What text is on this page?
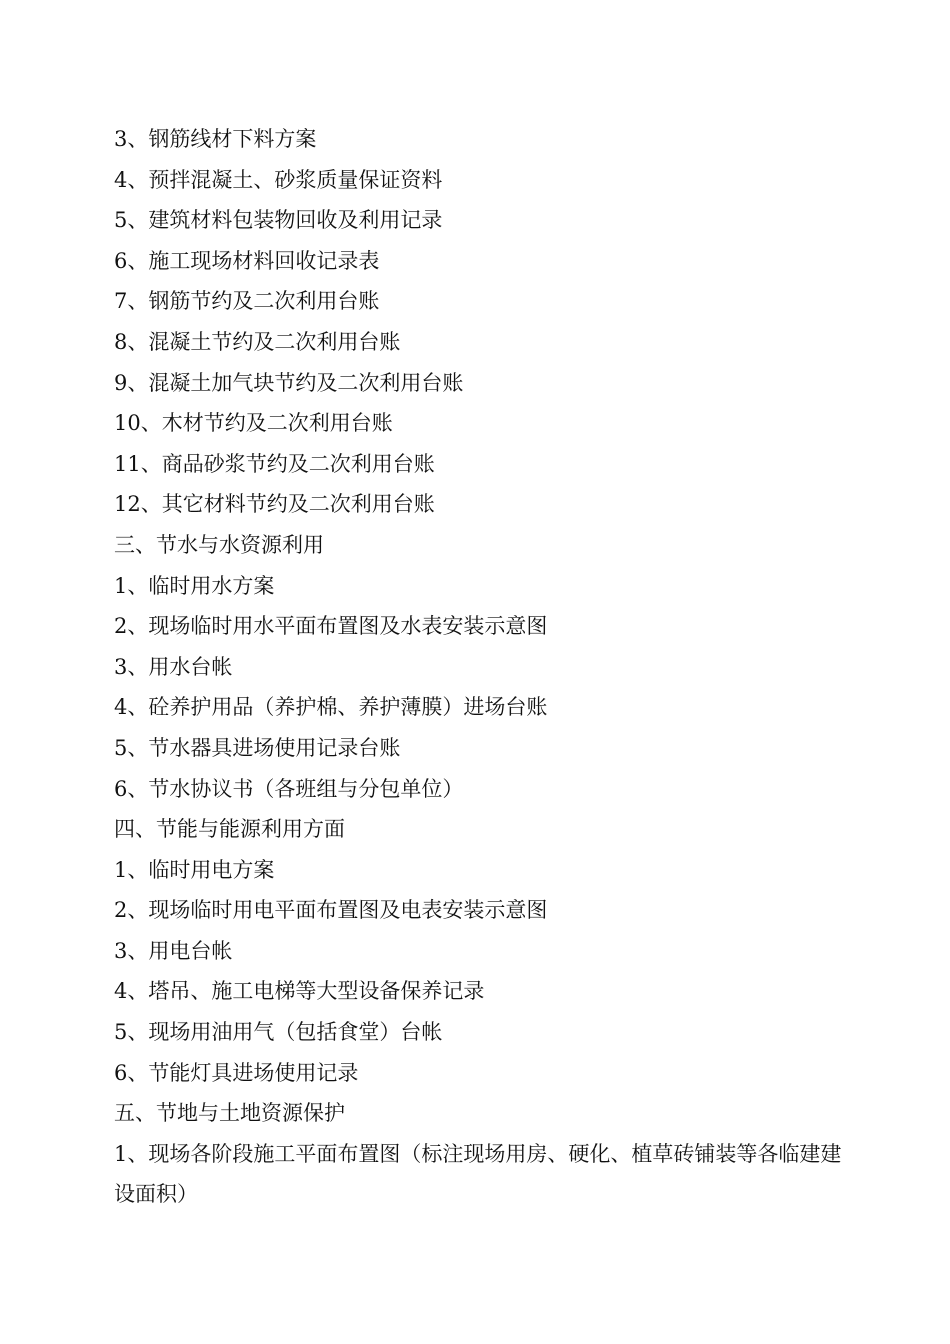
3、钢筋线材下料方案

4、预拌混凝土、砂浆质量保证资料

5、建筑材料包装物回收及利用记录

6、施工现场材料回收记录表

7、钢筋节约及二次利用台账

8、混凝土节约及二次利用台账

9、混凝土加气块节约及二次利用台账

10、木材节约及二次利用台账

11、商品砂浆节约及二次利用台账

12、其它材料节约及二次利用台账

三、节水与水资源利用

1、临时用水方案

2、现场临时用水平面布置图及水表安装示意图

3、用水台帐

4、砼养护用品（养护棉、养护薄膜）进场台账

5、节水器具进场使用记录台账

6、节水协议书（各班组与分包单位）

四、节能与能源利用方面

1、临时用电方案

2、现场临时用电平面布置图及电表安装示意图

3、用电台帐

4、塔吊、施工电梯等大型设备保养记录

5、现场用油用气（包括食堂）台帐

6、节能灯具进场使用记录

五、节地与土地资源保护

1、现场各阶段施工平面布置图（标注现场用房、硬化、植草砖铺装等各临建建设面积）
